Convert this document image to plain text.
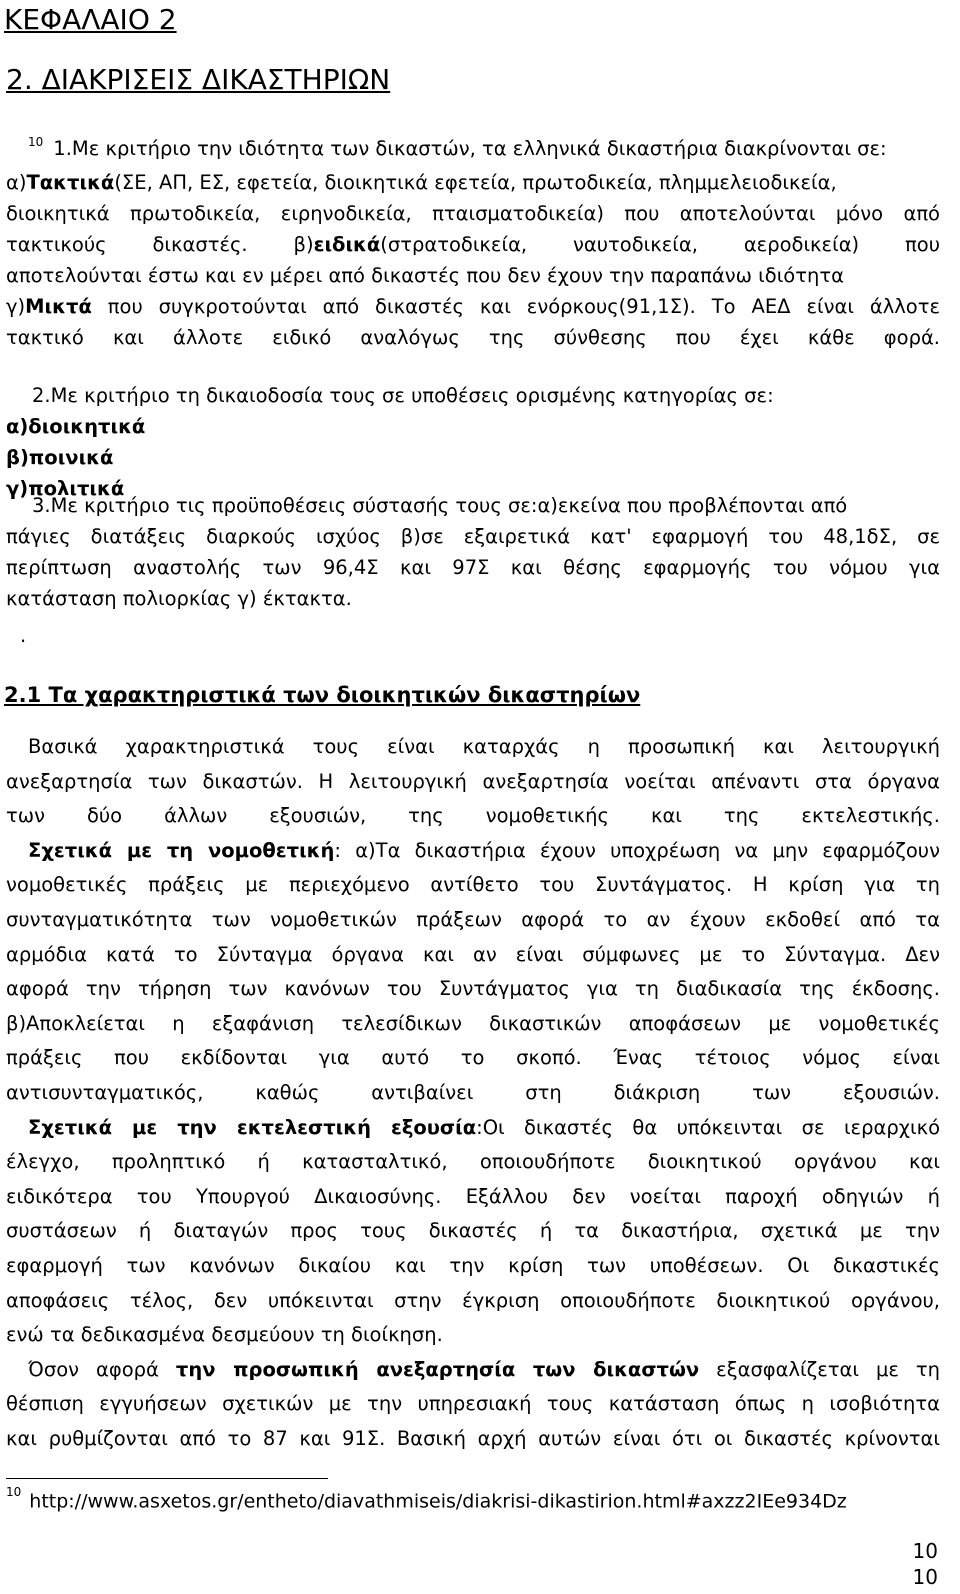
ΚΕΦΑΛΑΙΟ 2
2. ΔΙΑΚΡΙΣΕΙΣ ΔΙΚΑΣΤΗΡΙΩΝ
$^{10}$ 1.Με κριτήριο την ιδιότητα των δικαστών, τα ελληνικά δικαστήρια διακρίνονται σε:
α)Τακτικά(ΣΕ, ΑΠ, ΕΣ, εφετεία, διοικητικά εφετεία, πρωτοδικεία, πλημμελειοδικεία,
διοικητικά πρωτοδικεία, ειρηνοδικεία, πταισματοδικεία) που αποτελούνται μόνο από
τακτικούς δικαστές. β)ειδικά(στρατοδικεία, ναυτοδικεία, αεροδικεία) που
αποτελούνται έστω και εν μέρει από δικαστές που δεν έχουν την παραπάνω ιδιότητα
γ)Μικτά που συγκροτούνται από δικαστές και ενόρκους(91,1Σ). Το ΑΕΔ είναι άλλοτε
τακτικό και άλλοτε ειδικό αναλόγως της σύνθεσης που έχει κάθε φορά.
2.Με κριτήριο τη δικαιοδοσία τους σε υποθέσεις ορισμένης κατηγορίας σε:
α)διοικητικά
β)ποινικά
γ)πολιτικά
3.Με κριτήριο τις προϋποθέσεις σύστασής τους σε:α)εκείνα που προβλέπονται από
πάγιες διατάξεις διαρκούς ισχύος β)σε εξαιρετικά κατ' εφαρμογή του 48,1δΣ, σε
περίπτωση αναστολής των 96,4Σ και 97Σ και θέσης εφαρμογής του νόμου για
κατάσταση πολιορκίας γ) έκτακτα.
.
2.1 Τα χαρακτηριστικά των διοικητικών δικαστηρίων
Βασικά χαρακτηριστικά τους είναι καταρχάς η προσωπική και λειτουργική
ανεξαρτησία των δικαστών. Η λειτουργική ανεξαρτησία νοείται απέναντι στα όργανα
των δύο άλλων εξουσιών, της νομοθετικής και της εκτελεστικής.
Σχετικά με τη νομοθετική: α)Τα δικαστήρια έχουν υποχρέωση να μην εφαρμόζουν
νομοθετικές πράξεις με περιεχόμενο αντίθετο του Συντάγματος. Η κρίση για τη
συνταγματικότητα των νομοθετικών πράξεων αφορά το αν έχουν εκδοθεί από τα
αρμόδια κατά το Σύνταγμα όργανα και αν είναι σύμφωνες με το Σύνταγμα. Δεν
αφορά την τήρηση των κανόνων του Συντάγματος για τη διαδικασία της έκδοσης.
β)Αποκλείεται η εξαφάνιση τελεσίδικων δικαστικών αποφάσεων με νομοθετικές
πράξεις που εκδίδονται για αυτό το σκοπό. Ένας τέτοιος νόμος είναι
αντισυνταγματικός, καθώς αντιβαίνει στη διάκριση των εξουσιών.
Σχετικά με την εκτελεστική εξουσία:Οι δικαστές θα υπόκεινται σε ιεραρχικό
έλεγχο, προληπτικό ή κατασταλτικό, οποιουδήποτε διοικητικού οργάνου και
ειδικότερα του Υπουργού Δικαιοσύνης. Εξάλλου δεν νοείται παροχή οδηγιών ή
συστάσεων ή διαταγών προς τους δικαστές ή τα δικαστήρια, σχετικά με την
εφαρμογή των κανόνων δικαίου και την κρίση των υποθέσεων. Οι δικαστικές
αποφάσεις τέλος, δεν υπόκεινται στην έγκριση οποιουδήποτε διοικητικού οργάνου,
ενώ τα δεδικασμένα δεσμεύουν τη διοίκηση.
Όσον αφορά την προσωπική ανεξαρτησία των δικαστών εξασφαλίζεται με τη
θέσπιση εγγυήσεων σχετικών με την υπηρεσιακή τους κατάσταση όπως η ισοβιότητα
και ρυθμίζονται από το 87 και 91Σ. Βασική αρχή αυτών είναι ότι οι δικαστές κρίνονται
$^{10}$ http://www.asxetos.gr/entheto/diavathmiseis/diakrisi-dikastirion.html#axzz2IEe934Dz
10
10
